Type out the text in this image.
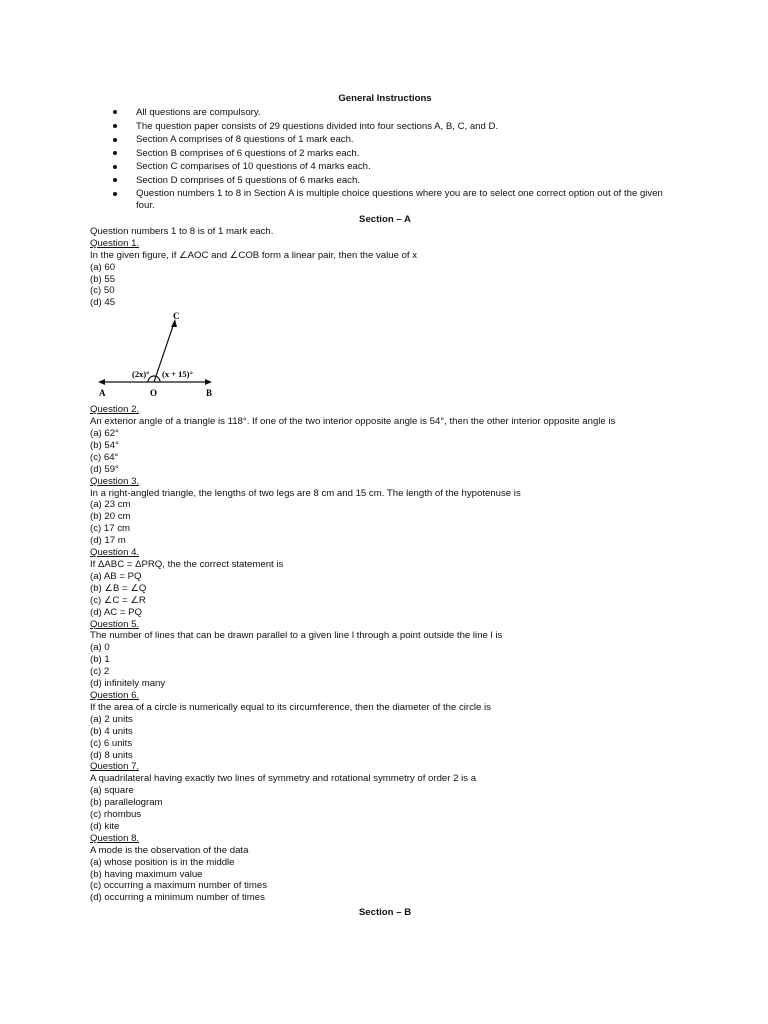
General Instructions

All questions are compulsory.
The question paper consists of 29 questions divided into four sections A, B, C, and D.
Section A comprises of 8 questions of 1 mark each.
Section B comprises of 6 questions of 2 marks each.
Section C comparises of 10 questions of 4 marks each.
Section D comprises of 5 questions of 6 marks each.
Question numbers 1 to 8 in Section A is multiple choice questions where you are to select one correct option out of the given four.

Section – A

Question numbers 1 to 8 is of 1 mark each.

Question 1.

In the given figure, if ∠AOC and ∠COB form a linear pair, then the value of x

(a) 60

(b) 55

(c) 50

(d) 45

C
A	O	B
(2x)° (x + 15)°

Question 2.

An exterior angle of a triangle is 118°. If one of the two interior opposite angle is 54°, then the other interior opposite angle is

(a) 62°

(b) 54°

(c) 64°

(d) 59°

Question 3.

In a right-angled triangle, the lengths of two legs are 8 cm and 15 cm. The length of the hypotenuse is

(a) 23 cm

(b) 20 cm

(c) 17 cm

(d) 17 m

Question 4.

If ΔABC = ΔPRQ, the the correct statement is

(a) AB = PQ

(b) ∠B = ∠Q

(c) ∠C = ∠R

(d) AC = PQ

Question 5.

The number of lines that can be drawn parallel to a given line l through a point outside the line l is

(a) 0

(b) 1

(c) 2

(d) infinitely many

Question 6.

If the area of a circle is numerically equal to its circumference, then the diameter of the circle is

(a) 2 units

(b) 4 units

(c) 6 units

(d) 8 units

Question 7.

A quadrilateral having exactly two lines of symmetry and rotational symmetry of order 2 is a

(a) square

(b) parallelogram

(c) rhombus

(d) kite

Question 8.

A mode is the observation of the data

(a) whose position is in the middle

(b) having maximum value

(c) occurring a maximum number of times

(d) occurring a minimum number of times

Section – B
